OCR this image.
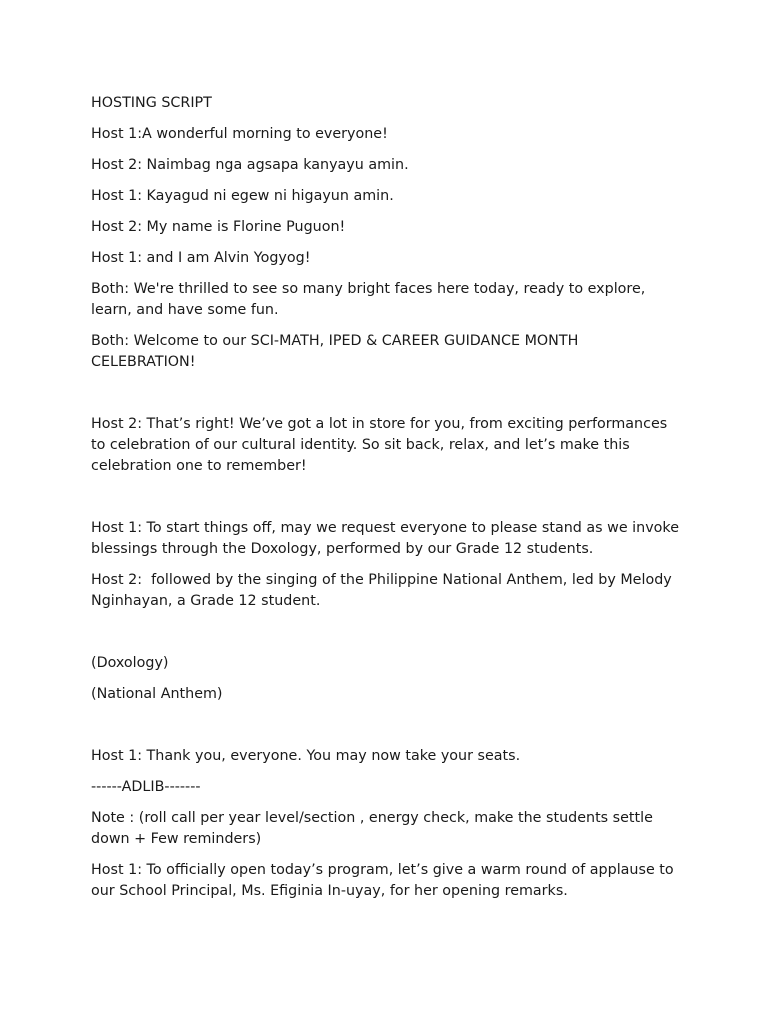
HOSTING SCRIPT

Host 1:A wonderful morning to everyone!

Host 2: Naimbag nga agsapa kanyayu amin.

Host 1: Kayagud ni egew ni higayun amin.

Host 2: My name is Florine Puguon!

Host 1: and I am Alvin Yogyog!

Both: We're thrilled to see so many bright faces here today, ready to explore, learn, and have some fun.

Both: Welcome to our SCI-MATH, IPED & CAREER GUIDANCE MONTH CELEBRATION!

Host 2: That’s right! We’ve got a lot in store for you, from exciting performances to celebration of our cultural identity. So sit back, relax, and let’s make this celebration one to remember!

Host 1: To start things off, may we request everyone to please stand as we invoke blessings through the Doxology, performed by our Grade 12 students.

Host 2:  followed by the singing of the Philippine National Anthem, led by Melody Nginhayan, a Grade 12 student.

(Doxology)

(National Anthem)

Host 1: Thank you, everyone. You may now take your seats.

------ADLIB-------

Note : (roll call per year level/section , energy check, make the students settle down + Few reminders)

Host 1: To officially open today’s program, let’s give a warm round of applause to our School Principal, Ms. Efiginia In-uyay, for her opening remarks.
